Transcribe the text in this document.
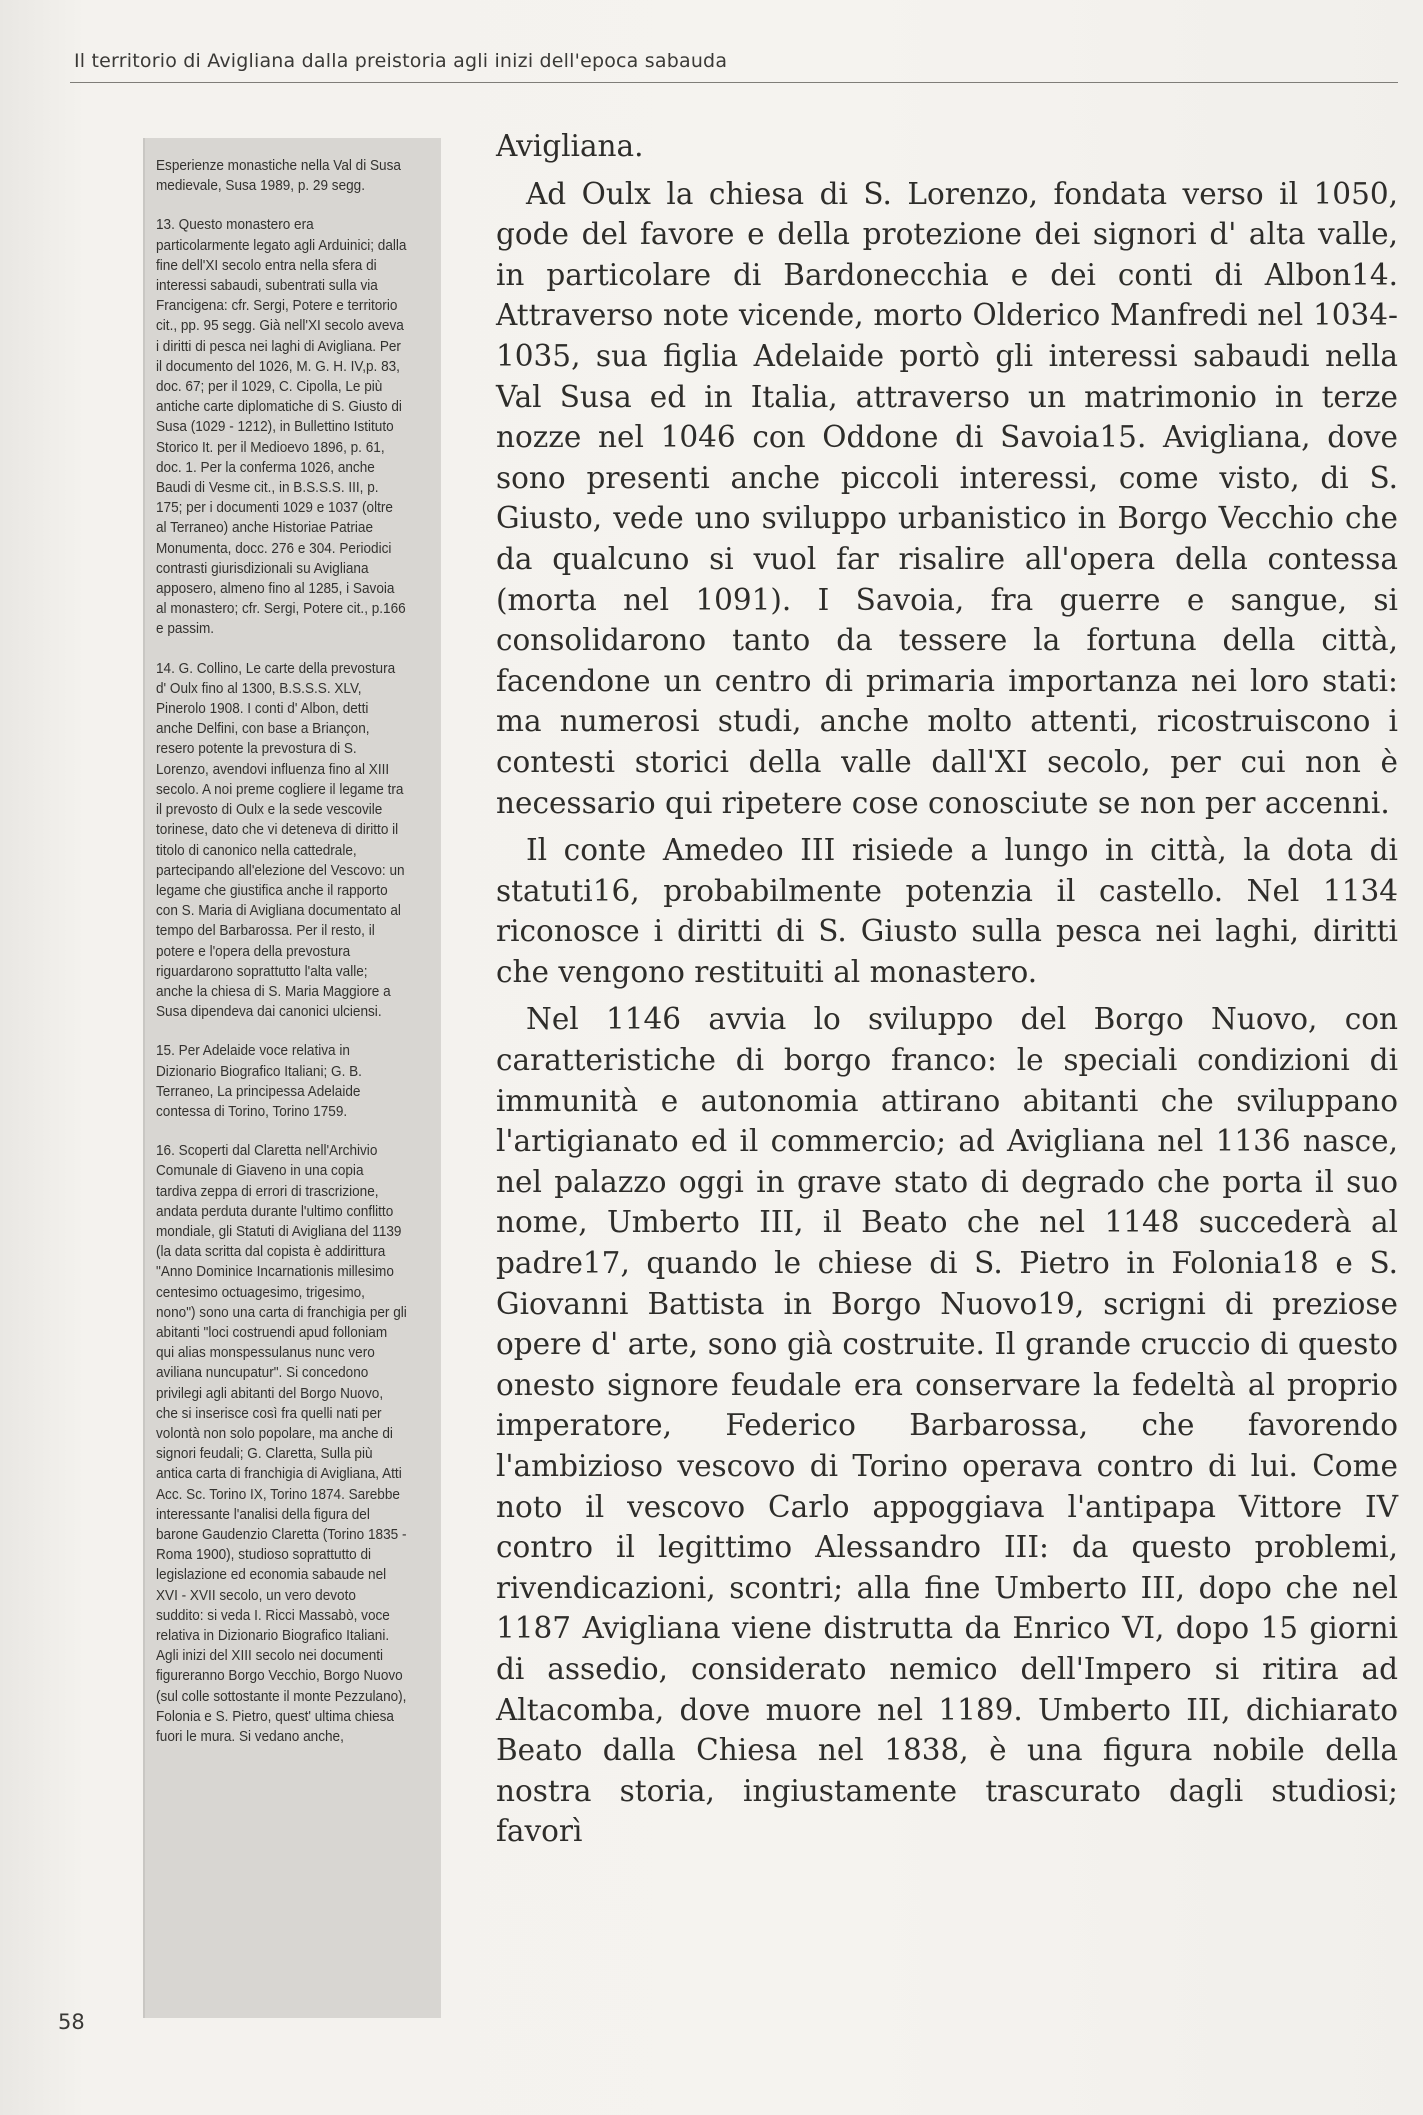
Il territorio di Avigliana dalla preistoria agli inizi dell'epoca sabauda

Esperienze monastiche nella Val di Susa medievale, Susa 1989, p. 29 segg.

13. Questo monastero era particolarmente legato agli Arduinici; dalla fine dell'XI secolo entra nella sfera di interessi sabaudi, subentrati sulla via Francigena: cfr. Sergi, Potere e territorio cit., pp. 95 segg. Già nell'XI secolo aveva i diritti di pesca nei laghi di Avigliana. Per il documento del 1026, M. G. H. IV,p. 83, doc. 67; per il 1029, C. Cipolla, Le più antiche carte diplomatiche di S. Giusto di Susa (1029 - 1212), in Bullettino Istituto Storico It. per il Medioevo 1896, p. 61, doc. 1. Per la conferma 1026, anche Baudi di Vesme cit., in B.S.S.S. III, p. 175; per i documenti 1029 e 1037 (oltre al Terraneo) anche Historiae Patriae Monumenta, docc. 276 e 304. Periodici contrasti giurisdizionali su Avigliana apposero, almeno fino al 1285, i Savoia al monastero; cfr. Sergi, Potere cit., p.166 e passim.

14. G. Collino, Le carte della prevostura d' Oulx fino al 1300, B.S.S.S. XLV, Pinerolo 1908. I conti d' Albon, detti anche Delfini, con base a Briançon, resero potente la prevostura di S. Lorenzo, avendovi influenza fino al XIII secolo. A noi preme cogliere il legame tra il prevosto di Oulx e la sede vescovile torinese, dato che vi deteneva di diritto il titolo di canonico nella cattedrale, partecipando all'elezione del Vescovo: un legame che giustifica anche il rapporto con S. Maria di Avigliana documentato al tempo del Barbarossa. Per il resto, il potere e l'opera della prevostura riguardarono soprattutto l'alta valle; anche la chiesa di S. Maria Maggiore a Susa dipendeva dai canonici ulciensi.

15. Per Adelaide voce relativa in Dizionario Biografico Italiani; G. B. Terraneo, La principessa Adelaide contessa di Torino, Torino 1759.

16. Scoperti dal Claretta nell'Archivio Comunale di Giaveno in una copia tardiva zeppa di errori di trascrizione, andata perduta durante l'ultimo conflitto mondiale, gli Statuti di Avigliana del 1139 (la data scritta dal copista è addirittura "Anno Dominice Incarnationis millesimo centesimo octuagesimo, trigesimo, nono") sono una carta di franchigia per gli abitanti "loci costruendi apud folloniam qui alias monspessulanus nunc vero aviliana nuncupatur". Si concedono privilegi agli abitanti del Borgo Nuovo, che si inserisce così fra quelli nati per volontà non solo popolare, ma anche di signori feudali; G. Claretta, Sulla più antica carta di franchigia di Avigliana, Atti Acc. Sc. Torino IX, Torino 1874. Sarebbe interessante l'analisi della figura del barone Gaudenzio Claretta (Torino 1835 - Roma 1900), studioso soprattutto di legislazione ed economia sabaude nel XVI - XVII secolo, un vero devoto suddito: si veda I. Ricci Massabò, voce relativa in Dizionario Biografico Italiani. Agli inizi del XIII secolo nei documenti figureranno Borgo Vecchio, Borgo Nuovo (sul colle sottostante il monte Pezzulano), Folonia e S. Pietro, quest' ultima chiesa fuori le mura. Si vedano anche,

Avigliana.

Ad Oulx la chiesa di S. Lorenzo, fondata verso il 1050, gode del favore e della protezione dei signori d' alta valle, in particolare di Bardonecchia e dei conti di Albon14. Attraverso note vicende, morto Olderico Manfredi nel 1034-1035, sua figlia Adelaide portò gli interessi sabaudi nella Val Susa ed in Italia, attraverso un matrimonio in terze nozze nel 1046 con Oddone di Savoia15. Avigliana, dove sono presenti anche piccoli interessi, come visto, di S. Giusto, vede uno sviluppo urbanistico in Borgo Vecchio che da qualcuno si vuol far risalire all'opera della contessa (morta nel 1091). I Savoia, fra guerre e sangue, si consolidarono tanto da tessere la fortuna della città, facendone un centro di primaria importanza nei loro stati: ma numerosi studi, anche molto attenti, ricostruiscono i contesti storici della valle dall'XI secolo, per cui non è necessario qui ripetere cose conosciute se non per accenni.

Il conte Amedeo III risiede a lungo in città, la dota di statuti16, probabilmente potenzia il castello. Nel 1134 riconosce i diritti di S. Giusto sulla pesca nei laghi, diritti che vengono restituiti al monastero.

Nel 1146 avvia lo sviluppo del Borgo Nuovo, con caratteristiche di borgo franco: le speciali condizioni di immunità e autonomia attirano abitanti che sviluppano l'artigianato ed il commercio; ad Avigliana nel 1136 nasce, nel palazzo oggi in grave stato di degrado che porta il suo nome, Umberto III, il Beato che nel 1148 succederà al padre17, quando le chiese di S. Pietro in Folonia18 e S. Giovanni Battista in Borgo Nuovo19, scrigni di preziose opere d' arte, sono già costruite. Il grande cruccio di questo onesto signore feudale era conservare la fedeltà al proprio imperatore, Federico Barbarossa, che favorendo l'ambizioso vescovo di Torino operava contro di lui. Come noto il vescovo Carlo appoggiava l'antipapa Vittore IV contro il legittimo Alessandro III: da questo problemi, rivendicazioni, scontri; alla fine Umberto III, dopo che nel 1187 Avigliana viene distrutta da Enrico VI, dopo 15 giorni di assedio, considerato nemico dell'Impero si ritira ad Altacomba, dove muore nel 1189. Umberto III, dichiarato Beato dalla Chiesa nel 1838, è una figura nobile della nostra storia, ingiustamente trascurato dagli studiosi; favorì

58
